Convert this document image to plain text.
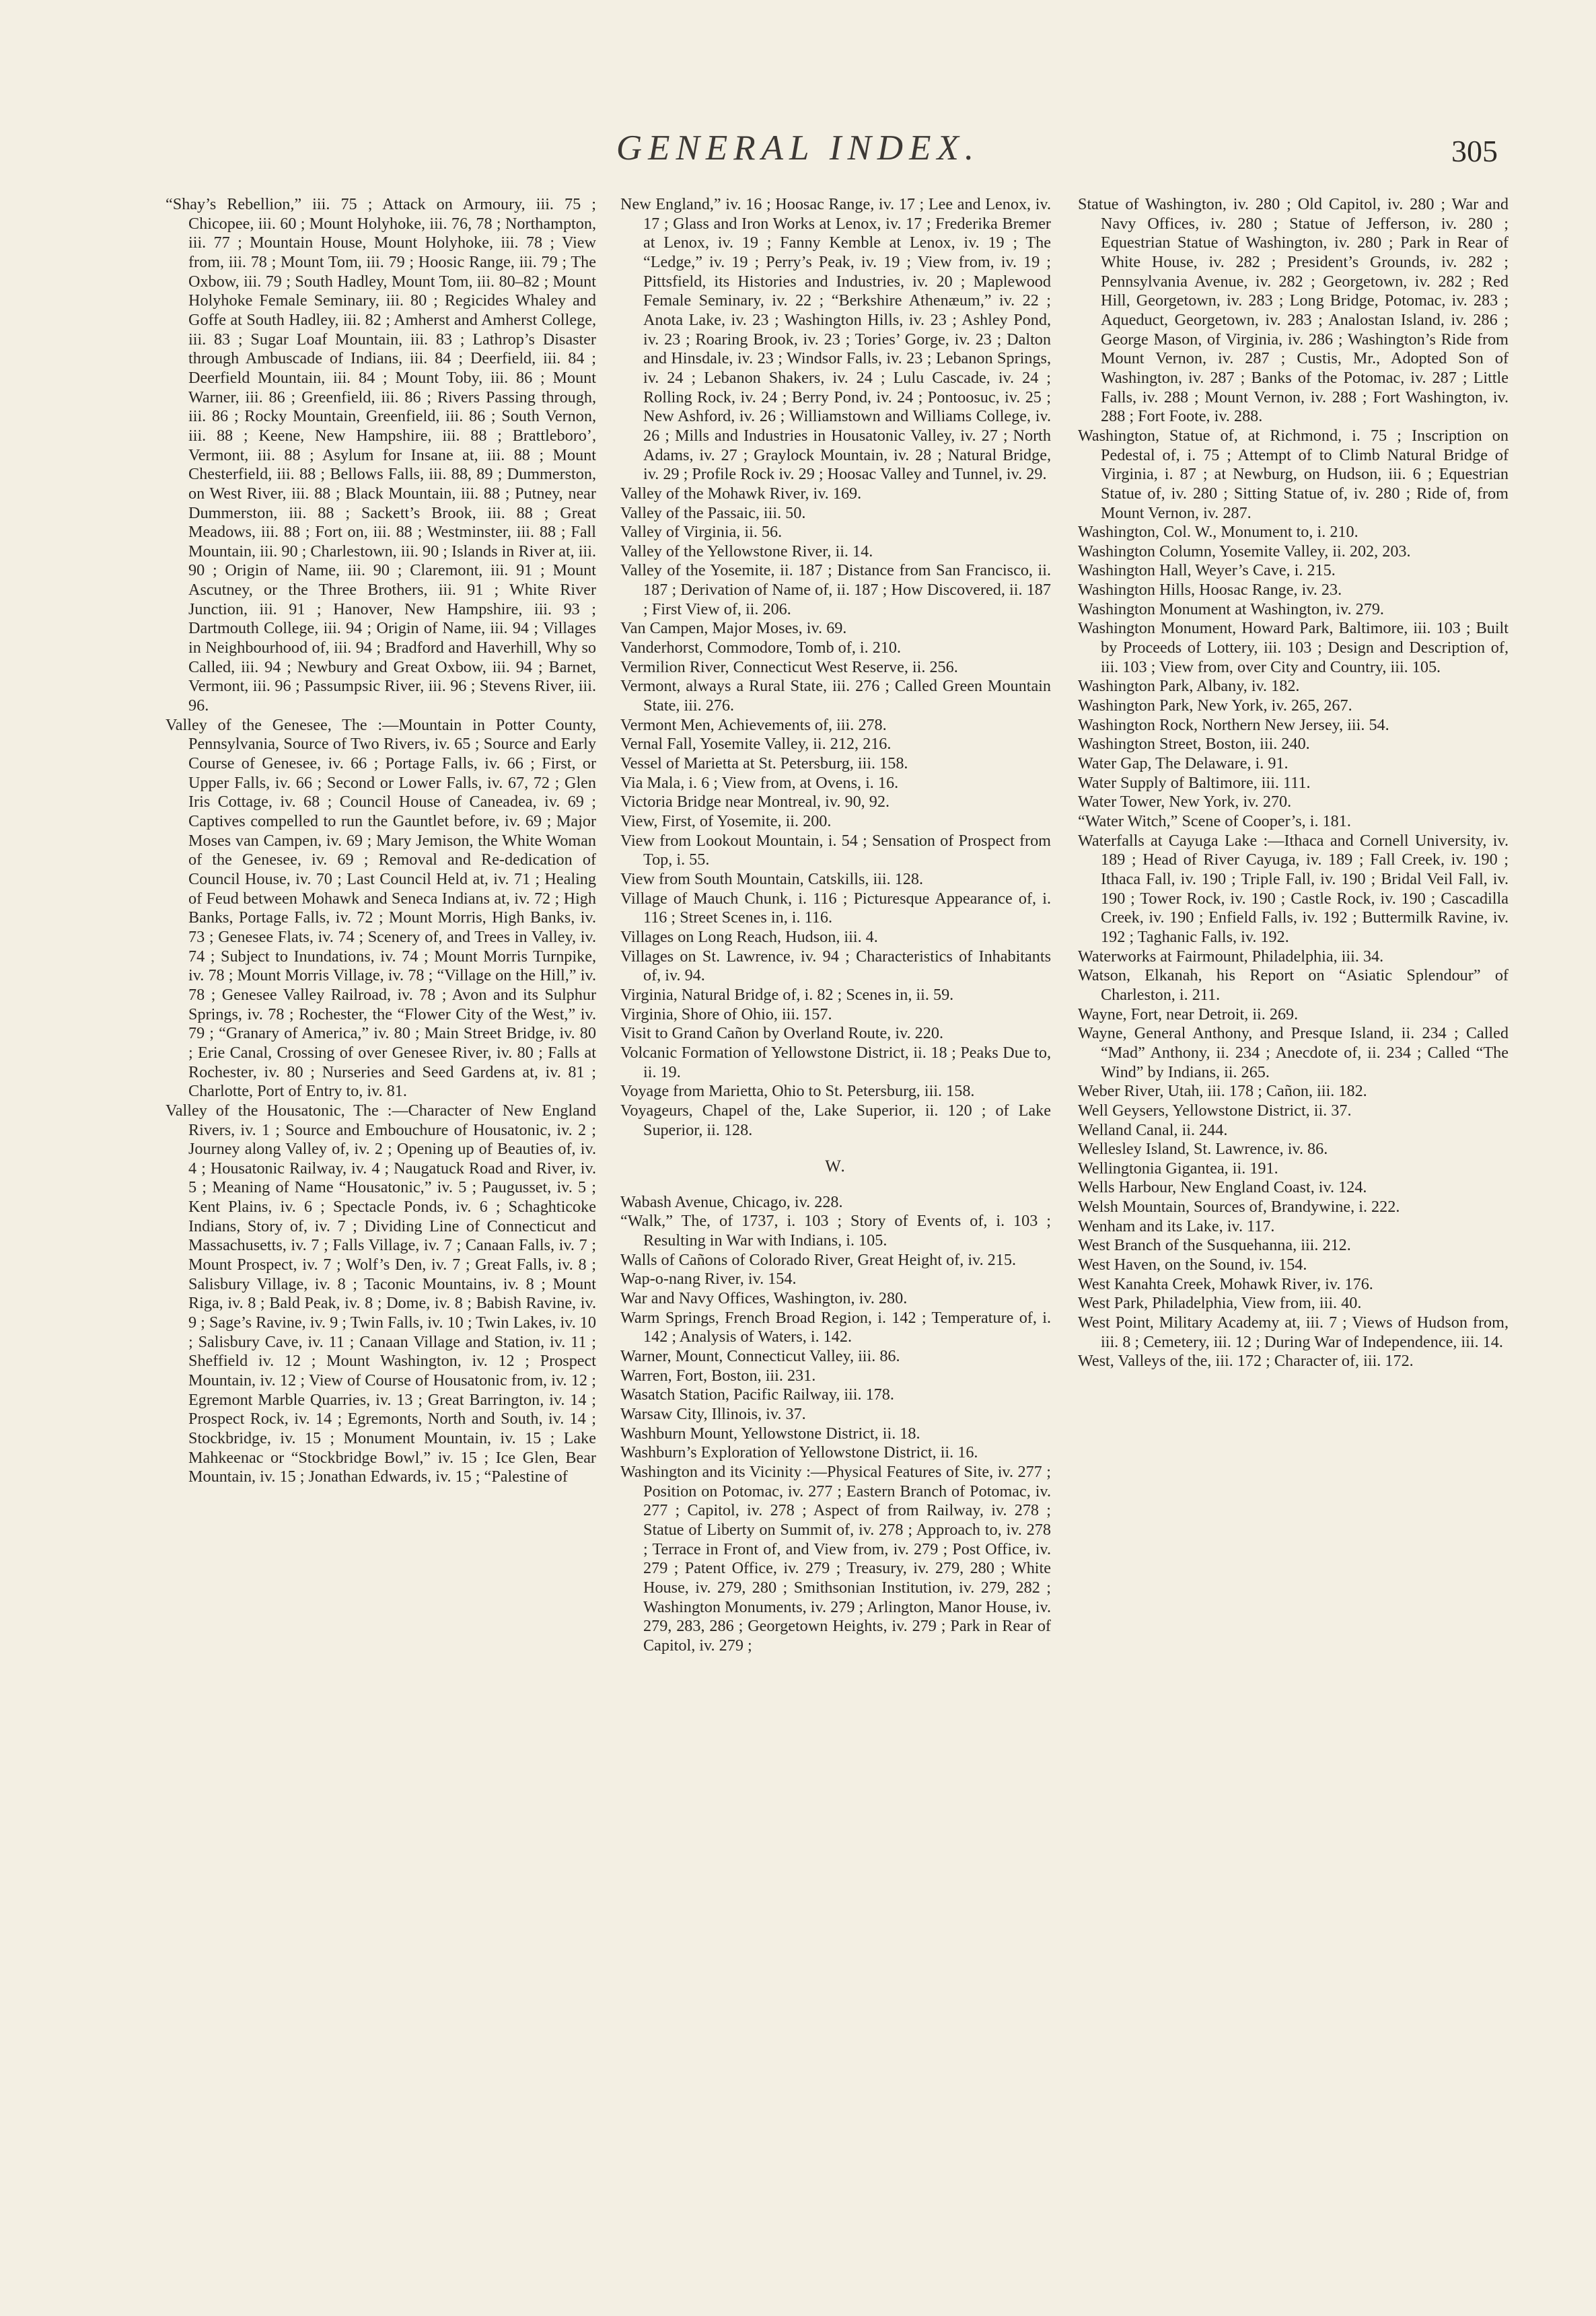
GENERAL INDEX.	305
“Shay’s Rebellion,” iii. 75 ; Attack on Armoury, iii. 75 ; Chicopee, iii. 60 ; Mount Holyhoke, iii. 76, 78 ; Northampton, iii. 77 ; Mountain House, Mount Holyhoke, iii. 78 ; View from, iii. 78 ; Mount Tom, iii. 79 ; Hoosic Range, iii. 79 ; The Oxbow, iii. 79 ; South Hadley, Mount Tom, iii. 80–82 ; Mount Holyhoke Female Seminary, iii. 80 ; Regicides Whaley and Goffe at South Hadley, iii. 82 ; Amherst and Amherst College, iii. 83 ; Sugar Loaf Mountain, iii. 83 ; Lathrop’s Disaster through Ambuscade of Indians, iii. 84 ; Deerfield, iii. 84 ; Deerfield Mountain, iii. 84 ; Mount Toby, iii. 86 ; Mount Warner, iii. 86 ; Greenfield, iii. 86 ; Rivers Passing through, iii. 86 ; Rocky Mountain, Greenfield, iii. 86 ; South Vernon, iii. 88 ; Keene, New Hampshire, iii. 88 ; Brattleboro’, Vermont, iii. 88 ; Asylum for Insane at, iii. 88 ; Mount Chesterfield, iii. 88 ; Bellows Falls, iii. 88, 89 ; Dummerston, on West River, iii. 88 ; Black Mountain, iii. 88 ; Putney, near Dummerston, iii. 88 ; Sackett’s Brook, iii. 88 ; Great Meadows, iii. 88 ; Fort on, iii. 88 ; Westminster, iii. 88 ; Fall Mountain, iii. 90 ; Charlestown, iii. 90 ; Islands in River at, iii. 90 ; Origin of Name, iii. 90 ; Claremont, iii. 91 ; Mount Ascutney, or the Three Brothers, iii. 91 ; White River Junction, iii. 91 ; Hanover, New Hampshire, iii. 93 ; Dartmouth College, iii. 94 ; Origin of Name, iii. 94 ; Villages in Neighbourhood of, iii. 94 ; Bradford and Haverhill, Why so Called, iii. 94 ; Newbury and Great Oxbow, iii. 94 ; Barnet, Vermont, iii. 96 ; Passumpsic River, iii. 96 ; Stevens River, iii. 96.
Valley of the Genesee, The :—Mountain in Potter County, Pennsylvania, Source of Two Rivers, iv. 65 ; Source and Early Course of Genesee, iv. 66 ; Portage Falls, iv. 66 ; First, or Upper Falls, iv. 66 ; Second or Lower Falls, iv. 67, 72 ; Glen Iris Cottage, iv. 68 ; Council House of Caneadea, iv. 69 ; Captives compelled to run the Gauntlet before, iv. 69 ; Major Moses van Campen, iv. 69 ; Mary Jemison, the White Woman of the Genesee, iv. 69 ; Removal and Re-dedication of Council House, iv. 70 ; Last Council Held at, iv. 71 ; Healing of Feud between Mohawk and Seneca Indians at, iv. 72 ; High Banks, Portage Falls, iv. 72 ; Mount Morris, High Banks, iv. 73 ; Genesee Flats, iv. 74 ; Scenery of, and Trees in Valley, iv. 74 ; Subject to Inundations, iv. 74 ; Mount Morris Turnpike, iv. 78 ; Mount Morris Village, iv. 78 ; “Village on the Hill,” iv. 78 ; Genesee Valley Railroad, iv. 78 ; Avon and its Sulphur Springs, iv. 78 ; Rochester, the “Flower City of the West,” iv. 79 ; “Granary of America,” iv. 80 ; Main Street Bridge, iv. 80 ; Erie Canal, Crossing of over Genesee River, iv. 80 ; Falls at Rochester, iv. 80 ; Nurseries and Seed Gardens at, iv. 81 ; Charlotte, Port of Entry to, iv. 81.
Valley of the Housatonic, The :—Character of New England Rivers, iv. 1 ; Source and Embouchure of Housatonic, iv. 2 ; Journey along Valley of, iv. 2 ; Opening up of Beauties of, iv. 4 ; Housatonic Railway, iv. 4 ; Naugatuck Road and River, iv. 5 ; Meaning of Name “Housatonic,” iv. 5 ; Paugusset, iv. 5 ; Kent Plains, iv. 6 ; Spectacle Ponds, iv. 6 ; Schaghticoke Indians, Story of, iv. 7 ; Dividing Line of Connecticut and Massachusetts, iv. 7 ; Falls Village, iv. 7 ; Canaan Falls, iv. 7 ; Mount Prospect, iv. 7 ; Wolf’s Den, iv. 7 ; Great Falls, iv. 8 ; Salisbury Village, iv. 8 ; Taconic Mountains, iv. 8 ; Mount Riga, iv. 8 ; Bald Peak, iv. 8 ; Dome, iv. 8 ; Babish Ravine, iv. 9 ; Sage’s Ravine, iv. 9 ; Twin Falls, iv. 10 ; Twin Lakes, iv. 10 ; Salisbury Cave, iv. 11 ; Canaan Village and Station, iv. 11 ; Sheffield iv. 12 ; Mount Washington, iv. 12 ; Prospect Mountain, iv. 12 ; View of Course of Housatonic from, iv. 12 ; Egremont Marble Quarries, iv. 13 ; Great Barrington, iv. 14 ; Prospect Rock, iv. 14 ; Egremonts, North and South, iv. 14 ; Stockbridge, iv. 15 ; Monument Mountain, iv. 15 ; Lake Mahkeenac or “Stockbridge Bowl,” iv. 15 ; Ice Glen, Bear Mountain, iv. 15 ; Jonathan Edwards, iv. 15 ; “Palestine of
New England,” iv. 16 ; Hoosac Range, iv. 17 ; Lee and Lenox, iv. 17 ; Glass and Iron Works at Lenox, iv. 17 ; Frederika Bremer at Lenox, iv. 19 ; Fanny Kemble at Lenox, iv. 19 ; The “Ledge,” iv. 19 ; Perry’s Peak, iv. 19 ; View from, iv. 19 ; Pittsfield, its Histories and Industries, iv. 20 ; Maplewood Female Seminary, iv. 22 ; “Berkshire Athenæum,” iv. 22 ; Anota Lake, iv. 23 ; Washington Hills, iv. 23 ; Ashley Pond, iv. 23 ; Roaring Brook, iv. 23 ; Tories’ Gorge, iv. 23 ; Dalton and Hinsdale, iv. 23 ; Windsor Falls, iv. 23 ; Lebanon Springs, iv. 24 ; Lebanon Shakers, iv. 24 ; Lulu Cascade, iv. 24 ; Rolling Rock, iv. 24 ; Berry Pond, iv. 24 ; Pontoosuc, iv. 25 ; New Ashford, iv. 26 ; Williamstown and Williams College, iv. 26 ; Mills and Industries in Housatonic Valley, iv. 27 ; North Adams, iv. 27 ; Graylock Mountain, iv. 28 ; Natural Bridge, iv. 29 ; Profile Rock iv. 29 ; Hoosac Valley and Tunnel, iv. 29.
Valley of the Mohawk River, iv. 169.
Valley of the Passaic, iii. 50.
Valley of Virginia, ii. 56.
Valley of the Yellowstone River, ii. 14.
Valley of the Yosemite, ii. 187 ; Distance from San Francisco, ii. 187 ; Derivation of Name of, ii. 187 ; How Discovered, ii. 187 ; First View of, ii. 206.
Van Campen, Major Moses, iv. 69.
Vanderhorst, Commodore, Tomb of, i. 210.
Vermilion River, Connecticut West Reserve, ii. 256.
Vermont, always a Rural State, iii. 276 ; Called Green Mountain State, iii. 276.
Vermont Men, Achievements of, iii. 278.
Vernal Fall, Yosemite Valley, ii. 212, 216.
Vessel of Marietta at St. Petersburg, iii. 158.
Via Mala, i. 6 ; View from, at Ovens, i. 16.
Victoria Bridge near Montreal, iv. 90, 92.
View, First, of Yosemite, ii. 200.
View from Lookout Mountain, i. 54 ; Sensation of Prospect from Top, i. 55.
View from South Mountain, Catskills, iii. 128.
Village of Mauch Chunk, i. 116 ; Picturesque Appearance of, i. 116 ; Street Scenes in, i. 116.
Villages on Long Reach, Hudson, iii. 4.
Villages on St. Lawrence, iv. 94 ; Characteristics of Inhabitants of, iv. 94.
Virginia, Natural Bridge of, i. 82 ; Scenes in, ii. 59.
Virginia, Shore of Ohio, iii. 157.
Visit to Grand Cañon by Overland Route, iv. 220.
Volcanic Formation of Yellowstone District, ii. 18 ; Peaks Due to, ii. 19.
Voyage from Marietta, Ohio to St. Petersburg, iii. 158.
Voyageurs, Chapel of the, Lake Superior, ii. 120 ; of Lake Superior, ii. 128.
W.
Wabash Avenue, Chicago, iv. 228.
“Walk,” The, of 1737, i. 103 ; Story of Events of, i. 103 ; Resulting in War with Indians, i. 105.
Walls of Cañons of Colorado River, Great Height of, iv. 215.
Wap-o-nang River, iv. 154.
War and Navy Offices, Washington, iv. 280.
Warm Springs, French Broad Region, i. 142 ; Temperature of, i. 142 ; Analysis of Waters, i. 142.
Warner, Mount, Connecticut Valley, iii. 86.
Warren, Fort, Boston, iii. 231.
Wasatch Station, Pacific Railway, iii. 178.
Warsaw City, Illinois, iv. 37.
Washburn Mount, Yellowstone District, ii. 18.
Washburn’s Exploration of Yellowstone District, ii. 16.
Washington and its Vicinity :—Physical Features of Site, iv. 277 ; Position on Potomac, iv. 277 ; Eastern Branch of Potomac, iv. 277 ; Capitol, iv. 278 ; Aspect of from Railway, iv. 278 ; Statue of Liberty on Summit of, iv. 278 ; Approach to, iv. 278 ; Terrace in Front of, and View from, iv. 279 ; Post Office, iv. 279 ; Patent Office, iv. 279 ; Treasury, iv. 279, 280 ; White House, iv. 279, 280 ; Smithsonian Institution, iv. 279, 282 ; Washington Monuments, iv. 279 ; Arlington, Manor House, iv. 279, 283, 286 ; Georgetown Heights, iv. 279 ; Park in Rear of Capitol, iv. 279 ;
Statue of Washington, iv. 280 ; Old Capitol, iv. 280 ; War and Navy Offices, iv. 280 ; Statue of Jefferson, iv. 280 ; Equestrian Statue of Washington, iv. 280 ; Park in Rear of White House, iv. 282 ; President’s Grounds, iv. 282 ; Pennsylvania Avenue, iv. 282 ; Georgetown, iv. 282 ; Red Hill, Georgetown, iv. 283 ; Long Bridge, Potomac, iv. 283 ; Aqueduct, Georgetown, iv. 283 ; Analostan Island, iv. 286 ; George Mason, of Virginia, iv. 286 ; Washington’s Ride from Mount Vernon, iv. 287 ; Custis, Mr., Adopted Son of Washington, iv. 287 ; Banks of the Potomac, iv. 287 ; Little Falls, iv. 288 ; Mount Vernon, iv. 288 ; Fort Washington, iv. 288 ; Fort Foote, iv. 288.
Washington, Statue of, at Richmond, i. 75 ; Inscription on Pedestal of, i. 75 ; Attempt of to Climb Natural Bridge of Virginia, i. 87 ; at Newburg, on Hudson, iii. 6 ; Equestrian Statue of, iv. 280 ; Sitting Statue of, iv. 280 ; Ride of, from Mount Vernon, iv. 287.
Washington, Col. W., Monument to, i. 210.
Washington Column, Yosemite Valley, ii. 202, 203.
Washington Hall, Weyer’s Cave, i. 215.
Washington Hills, Hoosac Range, iv. 23.
Washington Monument at Washington, iv. 279.
Washington Monument, Howard Park, Baltimore, iii. 103 ; Built by Proceeds of Lottery, iii. 103 ; Design and Description of, iii. 103 ; View from, over City and Country, iii. 105.
Washington Park, Albany, iv. 182.
Washington Park, New York, iv. 265, 267.
Washington Rock, Northern New Jersey, iii. 54.
Washington Street, Boston, iii. 240.
Water Gap, The Delaware, i. 91.
Water Supply of Baltimore, iii. 111.
Water Tower, New York, iv. 270.
“Water Witch,” Scene of Cooper’s, i. 181.
Waterfalls at Cayuga Lake :—Ithaca and Cornell University, iv. 189 ; Head of River Cayuga, iv. 189 ; Fall Creek, iv. 190 ; Ithaca Fall, iv. 190 ; Triple Fall, iv. 190 ; Bridal Veil Fall, iv. 190 ; Tower Rock, iv. 190 ; Castle Rock, iv. 190 ; Cascadilla Creek, iv. 190 ; Enfield Falls, iv. 192 ; Buttermilk Ravine, iv. 192 ; Taghanic Falls, iv. 192.
Waterworks at Fairmount, Philadelphia, iii. 34.
Watson, Elkanah, his Report on “Asiatic Splendour” of Charleston, i. 211.
Wayne, Fort, near Detroit, ii. 269.
Wayne, General Anthony, and Presque Island, ii. 234 ; Called “Mad” Anthony, ii. 234 ; Anecdote of, ii. 234 ; Called “The Wind” by Indians, ii. 265.
Weber River, Utah, iii. 178 ; Cañon, iii. 182.
Well Geysers, Yellowstone District, ii. 37.
Welland Canal, ii. 244.
Wellesley Island, St. Lawrence, iv. 86.
Wellingtonia Gigantea, ii. 191.
Wells Harbour, New England Coast, iv. 124.
Welsh Mountain, Sources of, Brandywine, i. 222.
Wenham and its Lake, iv. 117.
West Branch of the Susquehanna, iii. 212.
West Haven, on the Sound, iv. 154.
West Kanahta Creek, Mohawk River, iv. 176.
West Park, Philadelphia, View from, iii. 40.
West Point, Military Academy at, iii. 7 ; Views of Hudson from, iii. 8 ; Cemetery, iii. 12 ; During War of Independence, iii. 14.
West, Valleys of the, iii. 172 ; Character of, iii. 172.
